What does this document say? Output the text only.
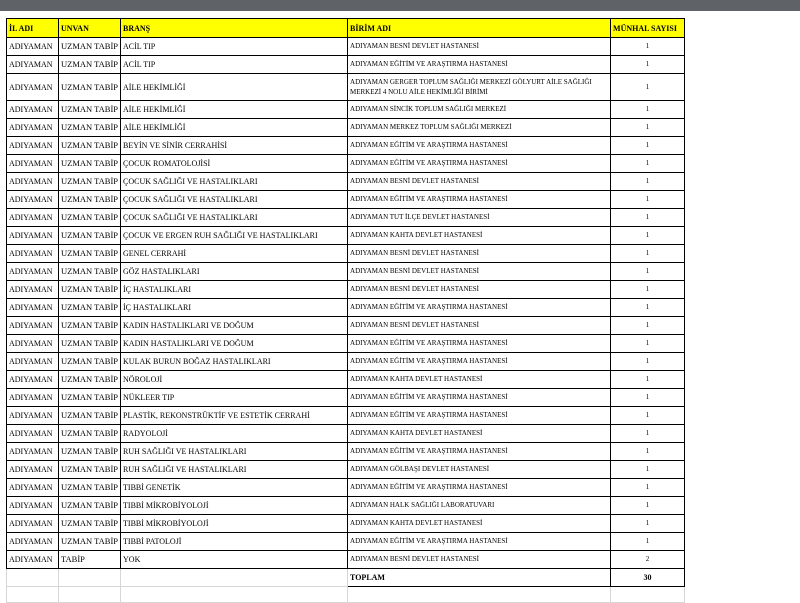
İL ADI	UNVAN	BRANŞ	BİRİM ADI	MÜNHAL SAYISI
ADIYAMAN	UZMAN TABİP	ACİL TIP	ADIYAMAN BESNİ DEVLET HASTANESİ	1
ADIYAMAN	UZMAN TABİP	ACİL TIP	ADIYAMAN EĞİTİM VE ARAŞTIRMA HASTANESİ	1
ADIYAMAN	UZMAN TABİP	AİLE HEKİMLİĞİ	ADIYAMAN GERGER TOPLUM SAĞLIĞI MERKEZİ GÖLYURT AİLE SAĞLIĞI MERKEZİ 4 NOLU AİLE HEKİMLİĞİ BİRİMİ	1
ADIYAMAN	UZMAN TABİP	AİLE HEKİMLİĞİ	ADIYAMAN SİNCİK TOPLUM SAĞLIĞI MERKEZİ	1
ADIYAMAN	UZMAN TABİP	AİLE HEKİMLİĞİ	ADIYAMAN MERKEZ TOPLUM SAĞLIĞI MERKEZİ	1
ADIYAMAN	UZMAN TABİP	BEYİN VE SİNİR CERRAHİSİ	ADIYAMAN EĞİTİM VE ARAŞTIRMA HASTANESİ	1
ADIYAMAN	UZMAN TABİP	ÇOCUK ROMATOLOJİSİ	ADIYAMAN EĞİTİM VE ARAŞTIRMA HASTANESİ	1
ADIYAMAN	UZMAN TABİP	ÇOCUK SAĞLIĞI VE HASTALIKLARI	ADIYAMAN BESNİ DEVLET HASTANESİ	1
ADIYAMAN	UZMAN TABİP	ÇOCUK SAĞLIĞI VE HASTALIKLARI	ADIYAMAN EĞİTİM VE ARAŞTIRMA HASTANESİ	1
ADIYAMAN	UZMAN TABİP	ÇOCUK SAĞLIĞI VE HASTALIKLARI	ADIYAMAN TUT İLÇE DEVLET HASTANESİ	1
ADIYAMAN	UZMAN TABİP	ÇOCUK VE ERGEN RUH SAĞLIĞI VE HASTALIKLARI	ADIYAMAN KAHTA DEVLET HASTANESİ	1
ADIYAMAN	UZMAN TABİP	GENEL CERRAHİ	ADIYAMAN BESNİ DEVLET HASTANESİ	1
ADIYAMAN	UZMAN TABİP	GÖZ HASTALIKLARI	ADIYAMAN BESNİ DEVLET HASTANESİ	1
ADIYAMAN	UZMAN TABİP	İÇ HASTALIKLARI	ADIYAMAN BESNİ DEVLET HASTANESİ	1
ADIYAMAN	UZMAN TABİP	İÇ HASTALIKLARI	ADIYAMAN EĞİTİM VE ARAŞTIRMA HASTANESİ	1
ADIYAMAN	UZMAN TABİP	KADIN HASTALIKLARI VE DOĞUM	ADIYAMAN BESNİ DEVLET HASTANESİ	1
ADIYAMAN	UZMAN TABİP	KADIN HASTALIKLARI VE DOĞUM	ADIYAMAN EĞİTİM VE ARAŞTIRMA HASTANESİ	1
ADIYAMAN	UZMAN TABİP	KULAK BURUN BOĞAZ HASTALIKLARI	ADIYAMAN EĞİTİM VE ARAŞTIRMA HASTANESİ	1
ADIYAMAN	UZMAN TABİP	NÖROLOJİ	ADIYAMAN KAHTA DEVLET HASTANESİ	1
ADIYAMAN	UZMAN TABİP	NÜKLEER TIP	ADIYAMAN EĞİTİM VE ARAŞTIRMA HASTANESİ	1
ADIYAMAN	UZMAN TABİP	PLASTİK, REKONSTRÜKTİF VE ESTETİK CERRAHİ	ADIYAMAN EĞİTİM VE ARAŞTIRMA HASTANESİ	1
ADIYAMAN	UZMAN TABİP	RADYOLOJİ	ADIYAMAN KAHTA DEVLET HASTANESİ	1
ADIYAMAN	UZMAN TABİP	RUH SAĞLIĞI VE HASTALIKLARI	ADIYAMAN EĞİTİM VE ARAŞTIRMA HASTANESİ	1
ADIYAMAN	UZMAN TABİP	RUH SAĞLIĞI VE HASTALIKLARI	ADIYAMAN GÖLBAŞI DEVLET HASTANESİ	1
ADIYAMAN	UZMAN TABİP	TIBBİ GENETİK	ADIYAMAN EĞİTİM VE ARAŞTIRMA HASTANESİ	1
ADIYAMAN	UZMAN TABİP	TIBBİ MİKROBİYOLOJİ	ADIYAMAN HALK SAĞLIĞI LABORATUVARI	1
ADIYAMAN	UZMAN TABİP	TIBBİ MİKROBİYOLOJİ	ADIYAMAN KAHTA DEVLET HASTANESİ	1
ADIYAMAN	UZMAN TABİP	TIBBİ PATOLOJİ	ADIYAMAN EĞİTİM VE ARAŞTIRMA HASTANESİ	1
ADIYAMAN	TABİP	YOK	ADIYAMAN BESNİ DEVLET HASTANESİ	2
			TOPLAM	30
